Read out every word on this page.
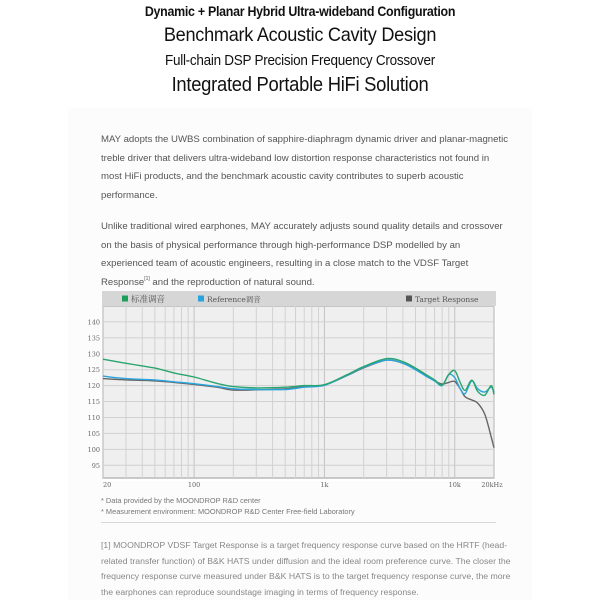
Dynamic + Planar Hybrid Ultra-wideband Configuration
Benchmark Acoustic Cavity Design
Full-chain DSP Precision Frequency Crossover
Integrated Portable HiFi Solution
MAY adopts the UWBS combination of sapphire-diaphragm dynamic driver and planar-magnetic treble driver that delivers ultra-wideband low distortion response characteristics not found in most HiFi products, and the benchmark acoustic cavity contributes to superb acoustic performance.
Unlike traditional wired earphones, MAY accurately adjusts sound quality details and crossover on the basis of physical performance through high-performance DSP modelled by an experienced team of acoustic engineers, resulting in a close match to the VDSF Target Response[1] and the reproduction of natural sound.
标准调音	Reference调音	Target Response
95
100
105
110
115
120
125
130
135
140
20	100	1k	10k	20kHz
* Data provided by the MOONDROP R&D center
* Measurement environment: MOONDROP R&D Center Free-field Laboratory
[1] MOONDROP VDSF Target Response is a target frequency response curve based on the HRTF (head-related transfer function) of B&K HATS under diffusion and the ideal room preference curve. The closer the frequency response curve measured under B&K HATS is to the target frequency response curve, the more the earphones can reproduce soundstage imaging in terms of frequency response.
